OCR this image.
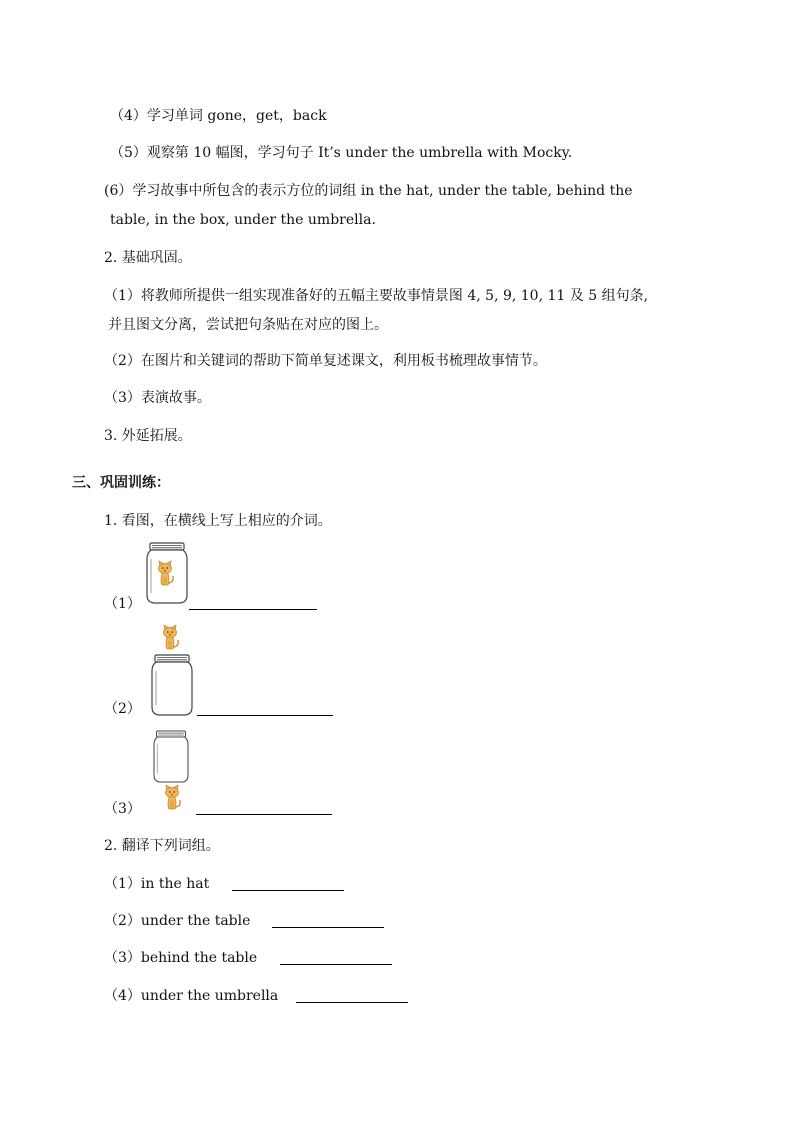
（4）学习单词 gone，get，back
（5）观察第 10 幅图，学习句子 It’s under the umbrella with Mocky.
(6）学习故事中所包含的表示方位的词组 in the hat, under the table, behind the
table, in the box, under the umbrella.
2. 基础巩固。
（1）将教师所提供一组实现准备好的五幅主要故事情景图 4, 5, 9, 10, 11 及 5 组句条,
并且图文分离，尝试把句条贴在对应的图上。
（2）在图片和关键词的帮助下简单复述课文，利用板书梳理故事情节。
（3）表演故事。
3. 外延拓展。
三、巩固训练：
1. 看图，在横线上写上相应的介词。
（1）
（2）
（3）
2. 翻译下列词组。
（1）in the hat
（2）under the table
（3）behind the table
（4）under the umbrella
